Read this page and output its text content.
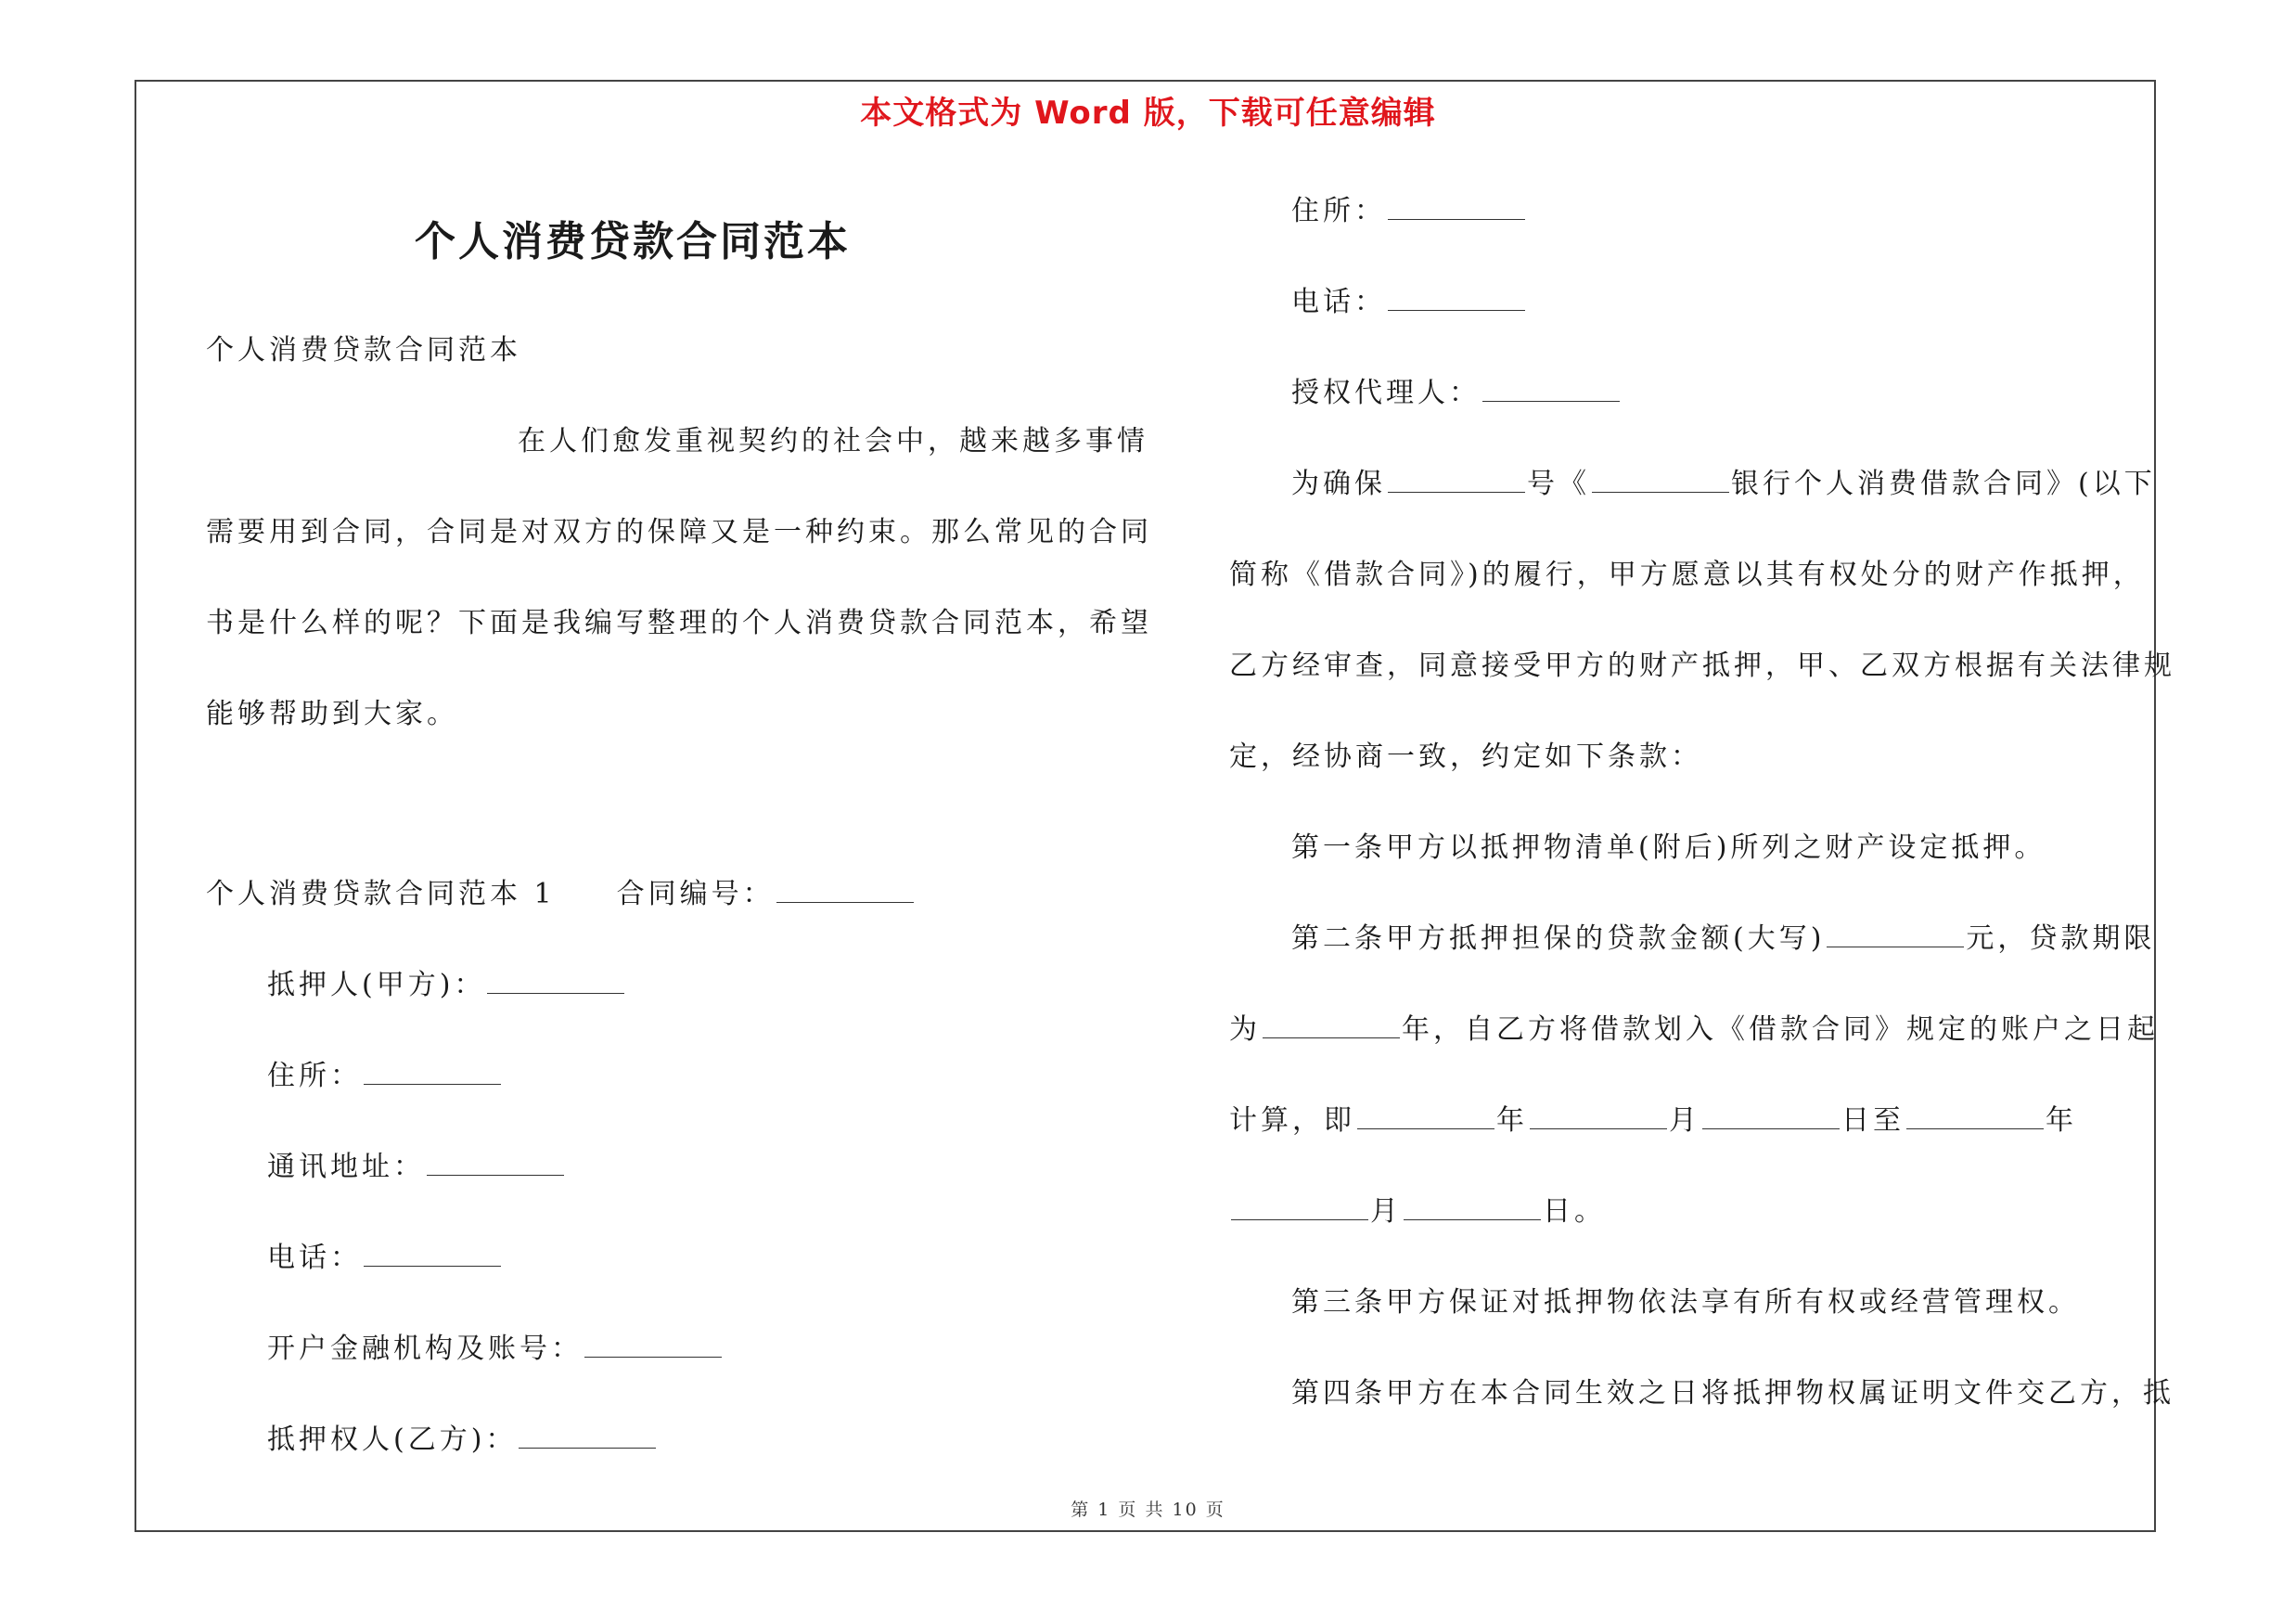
本文格式为 Word 版，下载可任意编辑
个人消费贷款合同范本
个人消费贷款合同范本
在人们愈发重视契约的社会中，越来越多事情
需要用到合同，合同是对双方的保障又是一种约束。那么常见的合同
书是什么样的呢？下面是我编写整理的个人消费贷款合同范本，希望
能够帮助到大家。
个人消费贷款合同范本 1 合同编号：
抵押人(甲方)：
住所：
通讯地址：
电话：
开户金融机构及账号：
抵押权人(乙方)：
住所：
电话：
授权代理人：
为确保	号《	银行个人消费借款合同》(以下
简称《借款合同》)的履行，甲方愿意以其有权处分的财产作抵押，
乙方经审查，同意接受甲方的财产抵押，甲、乙双方根据有关法律规
定，经协商一致，约定如下条款：
第一条甲方以抵押物清单(附后)所列之财产设定抵押。
第二条甲方抵押担保的贷款金额(大写)	元，贷款期限
为	年，自乙方将借款划入《借款合同》规定的账户之日起
计算，即	年	月	日至	年
月	日。
第三条甲方保证对抵押物依法享有所有权或经营管理权。
第四条甲方在本合同生效之日将抵押物权属证明文件交乙方，抵
第 1 页 共 10 页
